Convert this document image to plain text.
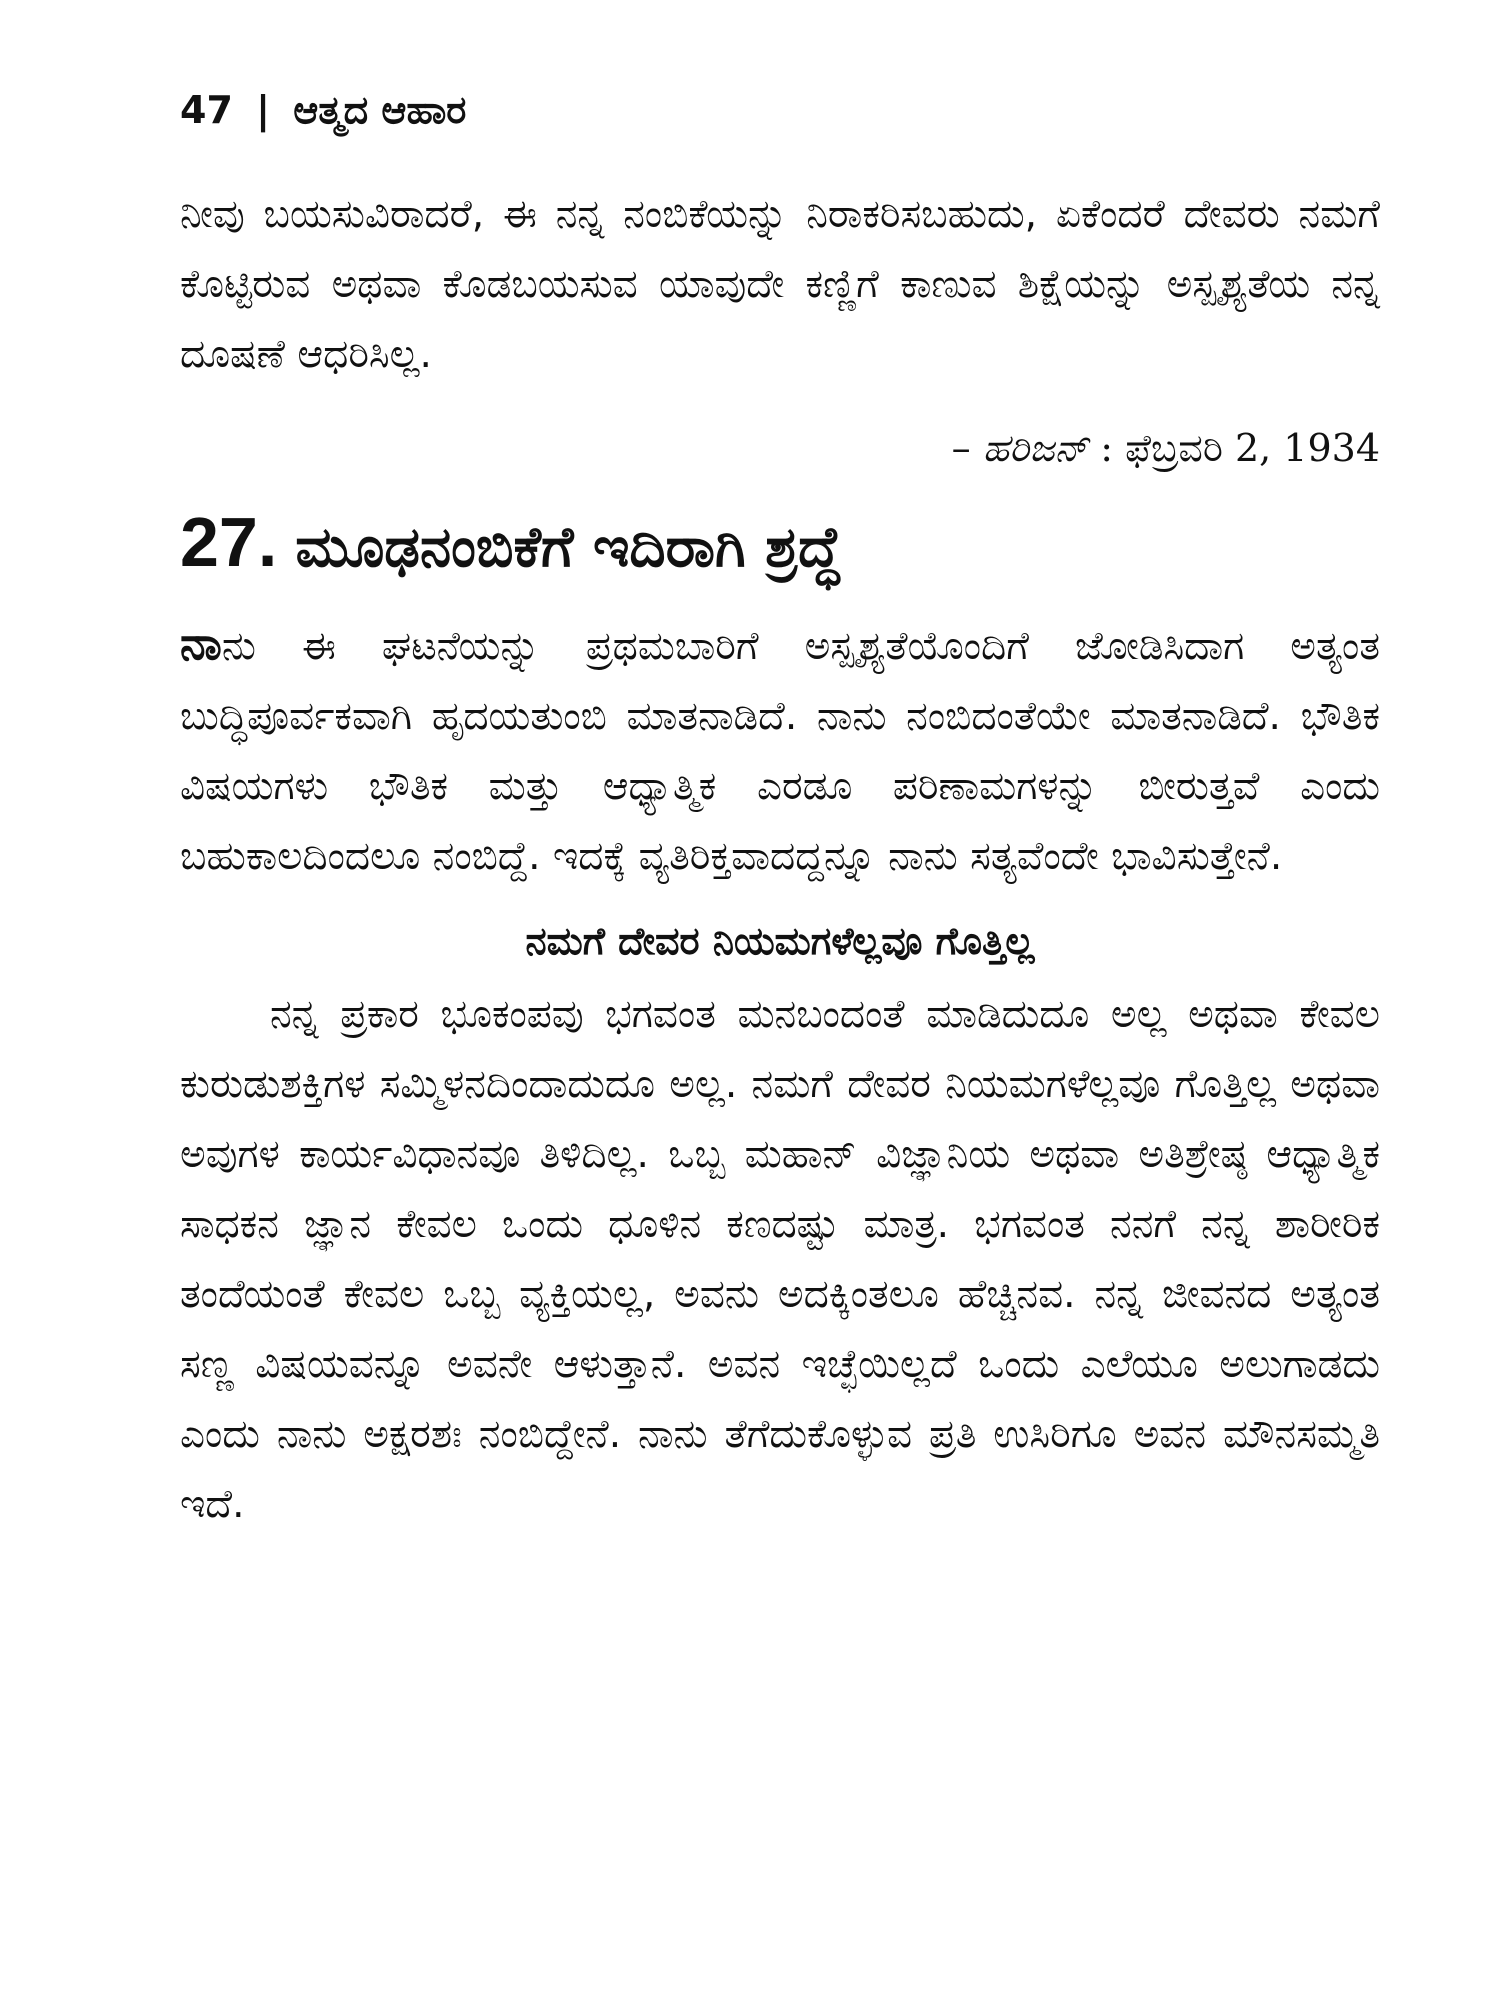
47 | ಆತ್ಮದ ಆಹಾರ

ನೀವು ಬಯಸುವಿರಾದರೆ, ಈ ನನ್ನ ನಂಬಿಕೆಯನ್ನು ನಿರಾಕರಿಸಬಹುದು, ಏಕೆಂದರೆ ದೇವರು ನಮಗೆ ಕೊಟ್ಟಿರುವ ಅಥವಾ ಕೊಡಬಯಸುವ ಯಾವುದೇ ಕಣ್ಣಿಗೆ ಕಾಣುವ ಶಿಕ್ಷೆಯನ್ನು ಅಸ್ಪೃಶ್ಯತೆಯ ನನ್ನ ದೂಷಣೆ ಆಧರಿಸಿಲ್ಲ.

– ಹರಿಜನ್ : ಫೆಬ್ರವರಿ 2, 1934
27. ಮೂಢನಂಬಿಕೆಗೆ ಇದಿರಾಗಿ ಶ್ರದ್ಧೆ

ನಾನು ಈ ಘಟನೆಯನ್ನು ಪ್ರಥಮಬಾರಿಗೆ ಅಸ್ಪೃಶ್ಯತೆಯೊಂದಿಗೆ ಜೋಡಿಸಿದಾಗ ಅತ್ಯಂತ ಬುದ್ಧಿಪೂರ್ವಕವಾಗಿ ಹೃದಯತುಂಬಿ ಮಾತನಾಡಿದೆ. ನಾನು ನಂಬಿದಂತೆಯೇ ಮಾತನಾಡಿದೆ. ಭೌತಿಕ ವಿಷಯಗಳು ಭೌತಿಕ ಮತ್ತು ಆಧ್ಯಾತ್ಮಿಕ ಎರಡೂ ಪರಿಣಾಮಗಳನ್ನು ಬೀರುತ್ತವೆ ಎಂದು ಬಹುಕಾಲದಿಂದಲೂ ನಂಬಿದ್ದೆ. ಇದಕ್ಕೆ ವ್ಯತಿರಿಕ್ತವಾದದ್ದನ್ನೂ ನಾನು ಸತ್ಯವೆಂದೇ ಭಾವಿಸುತ್ತೇನೆ.

ನಮಗೆ ದೇವರ ನಿಯಮಗಳೆಲ್ಲವೂ ಗೊತ್ತಿಲ್ಲ

ನನ್ನ ಪ್ರಕಾರ ಭೂಕಂಪವು ಭಗವಂತ ಮನಬಂದಂತೆ ಮಾಡಿದುದೂ ಅಲ್ಲ ಅಥವಾ ಕೇವಲ ಕುರುಡುಶಕ್ತಿಗಳ ಸಮ್ಮಿಳನದಿಂದಾದುದೂ ಅಲ್ಲ. ನಮಗೆ ದೇವರ ನಿಯಮಗಳೆಲ್ಲವೂ ಗೊತ್ತಿಲ್ಲ ಅಥವಾ ಅವುಗಳ ಕಾರ್ಯವಿಧಾನವೂ ತಿಳಿದಿಲ್ಲ. ಒಬ್ಬ ಮಹಾನ್ ವಿಜ್ಞಾನಿಯ ಅಥವಾ ಅತಿಶ್ರೇಷ್ಠ ಆಧ್ಯಾತ್ಮಿಕ ಸಾಧಕನ ಜ್ಞಾನ ಕೇವಲ ಒಂದು ಧೂಳಿನ ಕಣದಷ್ಟು ಮಾತ್ರ. ಭಗವಂತ ನನಗೆ ನನ್ನ ಶಾರೀರಿಕ ತಂದೆಯಂತೆ ಕೇವಲ ಒಬ್ಬ ವ್ಯಕ್ತಿಯಲ್ಲ, ಅವನು ಅದಕ್ಕಿಂತಲೂ ಹೆಚ್ಚಿನವ. ನನ್ನ ಜೀವನದ ಅತ್ಯಂತ ಸಣ್ಣ ವಿಷಯವನ್ನೂ ಅವನೇ ಆಳುತ್ತಾನೆ. ಅವನ ಇಚ್ಛೆಯಿಲ್ಲದೆ ಒಂದು ಎಲೆಯೂ ಅಲುಗಾಡದು ಎಂದು ನಾನು ಅಕ್ಷರಶಃ ನಂಬಿದ್ದೇನೆ. ನಾನು ತೆಗೆದುಕೊಳ್ಳುವ ಪ್ರತಿ ಉಸಿರಿಗೂ ಅವನ ಮೌನಸಮ್ಮತಿ ಇದೆ.
